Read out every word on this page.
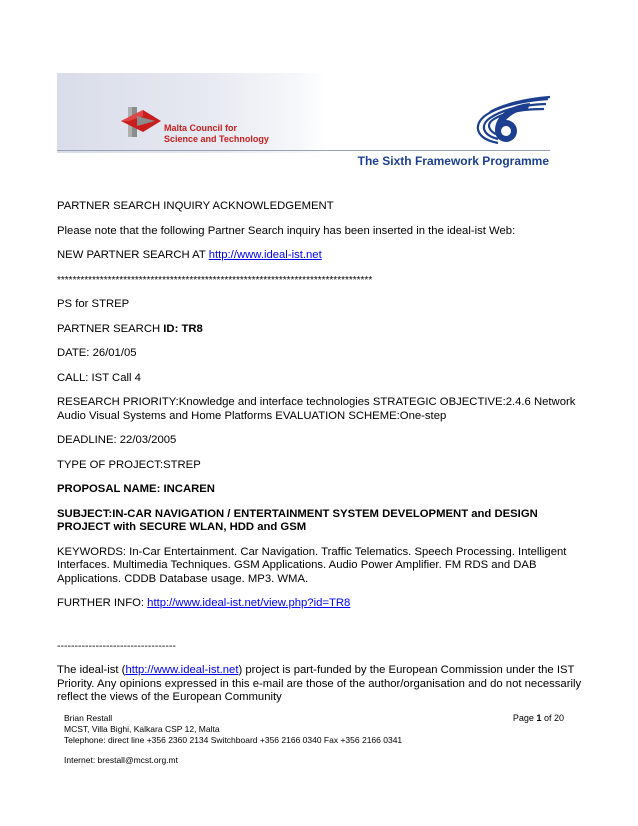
Malta Council for
Science and Technology
The Sixth Framework Programme

PARTNER SEARCH INQUIRY ACKNOWLEDGEMENT

Please note that the following Partner Search inquiry has been inserted in the ideal-ist Web:

NEW PARTNER SEARCH AT http://www.ideal-ist.net

*********************************************************************************

PS for STREP

PARTNER SEARCH ID: TR8

DATE: 26/01/05

CALL: IST Call 4

RESEARCH PRIORITY:Knowledge and interface technologies STRATEGIC OBJECTIVE:2.4.6 Network Audio Visual Systems and Home Platforms EVALUATION SCHEME:One-step

DEADLINE: 22/03/2005

TYPE OF PROJECT:STREP

PROPOSAL NAME: INCAREN

SUBJECT:IN-CAR NAVIGATION / ENTERTAINMENT SYSTEM DEVELOPMENT and DESIGN PROJECT with SECURE WLAN, HDD and GSM

KEYWORDS: In-Car Entertainment. Car Navigation. Traffic Telematics. Speech Processing. Intelligent Interfaces. Multimedia Techniques. GSM Applications. Audio Power Amplifier. FM RDS and DAB Applications. CDDB Database usage. MP3. WMA.

FURTHER INFO: http://www.ideal-ist.net/view.php?id=TR8

----------------------------------

The ideal-ist (http://www.ideal-ist.net) project is part-funded by the European Commission under the IST Priority. Any opinions expressed in this e-mail are those of the author/organisation and do not necessarily reflect the views of the European Community

Page 1 of 20

Brian Restall

MCST, Villa Bighi, Kalkara CSP 12, Malta

Telephone: direct line +356 2360 2134 Switchboard +356 2166 0340 Fax +356 2166 0341

Internet: brestall@mcst.org.mt
